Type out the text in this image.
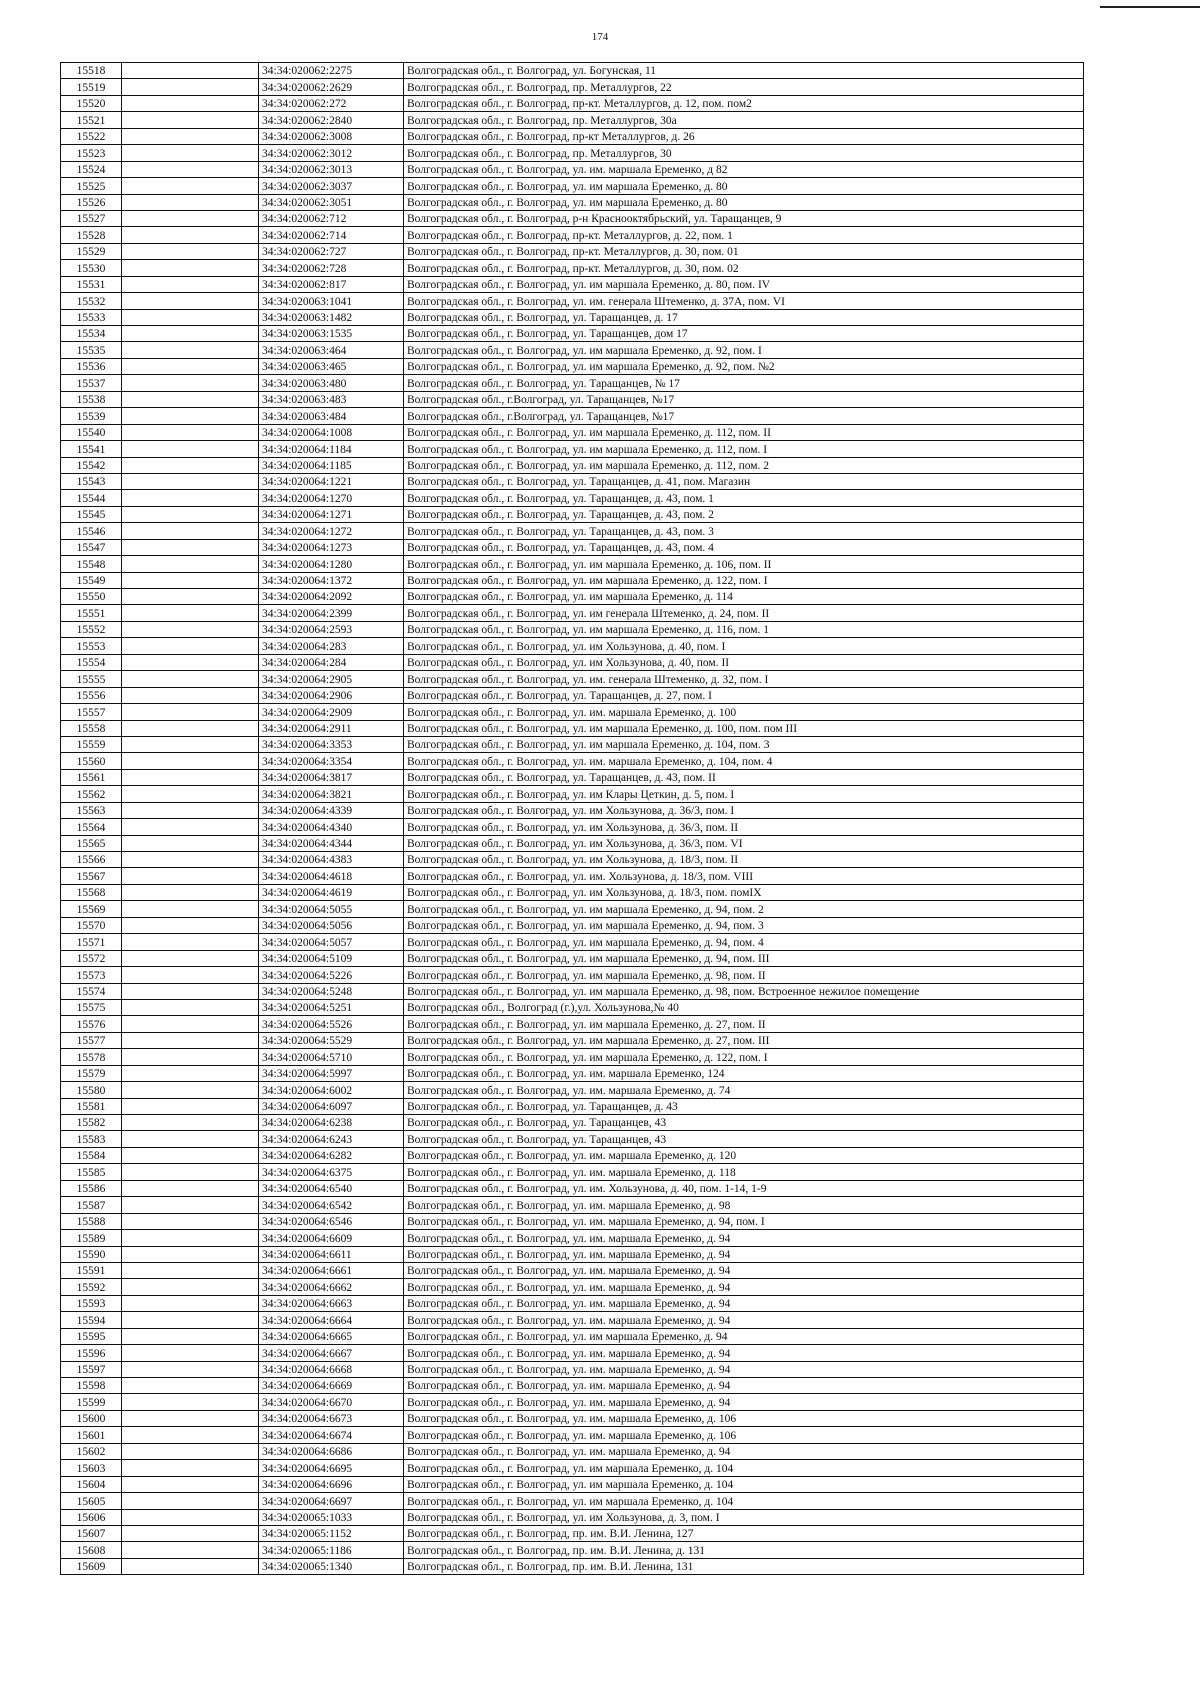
174
15518		34:34:020062:2275	Волгоградская обл., г. Волгоград, ул. Богунская, 11
15519		34:34:020062:2629	Волгоградская обл., г. Волгоград, пр. Металлургов, 22
15520		34:34:020062:272	Волгоградская обл., г. Волгоград, пр-кт. Металлургов, д. 12, пом. пом2
15521		34:34:020062:2840	Волгоградская обл., г. Волгоград, пр. Металлургов, 30а
15522		34:34:020062:3008	Волгоградская обл., г. Волгоград, пр-кт Металлургов, д. 26
15523		34:34:020062:3012	Волгоградская обл., г. Волгоград, пр. Металлургов, 30
15524		34:34:020062:3013	Волгоградская обл., г. Волгоград, ул. им. маршала Еременко, д 82
15525		34:34:020062:3037	Волгоградская обл., г. Волгоград, ул. им маршала Еременко, д. 80
15526		34:34:020062:3051	Волгоградская обл., г. Волгоград, ул. им маршала Еременко, д. 80
15527		34:34:020062:712	Волгоградская обл., г. Волгоград, р-н Краснооктябрьский, ул. Таращанцев, 9
15528		34:34:020062:714	Волгоградская обл., г. Волгоград, пр-кт. Металлургов, д. 22, пом. 1
15529		34:34:020062:727	Волгоградская обл., г. Волгоград, пр-кт. Металлургов, д. 30, пом. 01
15530		34:34:020062:728	Волгоградская обл., г. Волгоград, пр-кт. Металлургов, д. 30, пом. 02
15531		34:34:020062:817	Волгоградская обл., г. Волгоград, ул. им маршала Еременко, д. 80, пом. IV
15532		34:34:020063:1041	Волгоградская обл., г. Волгоград, ул. им. генерала Штеменко, д. 37А, пом. VI
15533		34:34:020063:1482	Волгоградская обл., г. Волгоград, ул. Таращанцев, д. 17
15534		34:34:020063:1535	Волгоградская обл., г. Волгоград, ул. Таращанцев, дом 17
15535		34:34:020063:464	Волгоградская обл., г. Волгоград, ул. им маршала Еременко, д. 92, пом. I
15536		34:34:020063:465	Волгоградская обл., г. Волгоград, ул. им маршала Еременко, д. 92, пом. №2
15537		34:34:020063:480	Волгоградская обл., г. Волгоград, ул. Таращанцев, № 17
15538		34:34:020063:483	Волгоградская обл., г.Волгоград, ул. Таращанцев, №17
15539		34:34:020063:484	Волгоградская обл., г.Волгоград, ул. Таращанцев, №17
15540		34:34:020064:1008	Волгоградская обл., г. Волгоград, ул. им маршала Еременко, д. 112, пом. II
15541		34:34:020064:1184	Волгоградская обл., г. Волгоград, ул. им маршала Еременко, д. 112, пом. I
15542		34:34:020064:1185	Волгоградская обл., г. Волгоград, ул. им маршала Еременко, д. 112, пом. 2
15543		34:34:020064:1221	Волгоградская обл., г. Волгоград, ул. Таращанцев, д. 41, пом. Магазин
15544		34:34:020064:1270	Волгоградская обл., г. Волгоград, ул. Таращанцев, д. 43, пом. 1
15545		34:34:020064:1271	Волгоградская обл., г. Волгоград, ул. Таращанцев, д. 43, пом. 2
15546		34:34:020064:1272	Волгоградская обл., г. Волгоград, ул. Таращанцев, д. 43, пом. 3
15547		34:34:020064:1273	Волгоградская обл., г. Волгоград, ул. Таращанцев, д. 43, пом. 4
15548		34:34:020064:1280	Волгоградская обл., г. Волгоград, ул. им маршала Еременко, д. 106, пом. II
15549		34:34:020064:1372	Волгоградская обл., г. Волгоград, ул. им маршала Еременко, д. 122, пом. I
15550		34:34:020064:2092	Волгоградская обл., г. Волгоград, ул. им маршала Еременко, д. 114
15551		34:34:020064:2399	Волгоградская обл., г. Волгоград, ул. им генерала Штеменко, д. 24, пом. II
15552		34:34:020064:2593	Волгоградская обл., г. Волгоград, ул. им маршала Еременко, д. 116, пом. 1
15553		34:34:020064:283	Волгоградская обл., г. Волгоград, ул. им Хользунова, д. 40, пом. I
15554		34:34:020064:284	Волгоградская обл., г. Волгоград, ул. им Хользунова, д. 40, пом. II
15555		34:34:020064:2905	Волгоградская обл., г. Волгоград, ул. им. генерала Штеменко, д. 32, пом. I
15556		34:34:020064:2906	Волгоградская обл., г. Волгоград, ул. Таращанцев, д. 27, пом. I
15557		34:34:020064:2909	Волгоградская обл., г. Волгоград, ул. им. маршала Еременко, д. 100
15558		34:34:020064:2911	Волгоградская обл., г. Волгоград, ул. им маршала Еременко, д. 100, пом. пом III
15559		34:34:020064:3353	Волгоградская обл., г. Волгоград, ул. им маршала Еременко, д. 104, пом. 3
15560		34:34:020064:3354	Волгоградская обл., г. Волгоград, ул. им. маршала Еременко, д. 104, пом. 4
15561		34:34:020064:3817	Волгоградская обл., г. Волгоград, ул. Таращанцев, д. 43, пом. II
15562		34:34:020064:3821	Волгоградская обл., г. Волгоград, ул. им Клары Цеткин, д. 5, пом. I
15563		34:34:020064:4339	Волгоградская обл., г. Волгоград, ул. им Хользунова, д. 36/3, пом. I
15564		34:34:020064:4340	Волгоградская обл., г. Волгоград, ул. им Хользунова, д. 36/3, пом. II
15565		34:34:020064:4344	Волгоградская обл., г. Волгоград, ул. им Хользунова, д. 36/3, пом. VI
15566		34:34:020064:4383	Волгоградская обл., г. Волгоград, ул. им Хользунова, д. 18/3, пом. II
15567		34:34:020064:4618	Волгоградская обл., г. Волгоград, ул. им. Хользунова, д. 18/3, пом. VIII
15568		34:34:020064:4619	Волгоградская обл., г. Волгоград, ул. им Хользунова, д. 18/3, пом. помIX
15569		34:34:020064:5055	Волгоградская обл., г. Волгоград, ул. им маршала Еременко, д. 94, пом. 2
15570		34:34:020064:5056	Волгоградская обл., г. Волгоград, ул. им маршала Еременко, д. 94, пом. 3
15571		34:34:020064:5057	Волгоградская обл., г. Волгоград, ул. им маршала Еременко, д. 94, пом. 4
15572		34:34:020064:5109	Волгоградская обл., г. Волгоград, ул. им маршала Еременко, д. 94, пом. III
15573		34:34:020064:5226	Волгоградская обл., г. Волгоград, ул. им маршала Еременко, д. 98, пом. II
15574		34:34:020064:5248	Волгоградская обл., г. Волгоград, ул. им маршала Еременко, д. 98, пом. Встроенное нежилое помещение
15575		34:34:020064:5251	Волгоградская обл., Волгоград (г.),ул. Хользунова,№ 40
15576		34:34:020064:5526	Волгоградская обл., г. Волгоград, ул. им маршала Еременко, д. 27, пом. II
15577		34:34:020064:5529	Волгоградская обл., г. Волгоград, ул. им маршала Еременко, д. 27, пом. III
15578		34:34:020064:5710	Волгоградская обл., г. Волгоград, ул. им маршала Еременко, д. 122, пом. I
15579		34:34:020064:5997	Волгоградская обл., г. Волгоград, ул. им. маршала Еременко, 124
15580		34:34:020064:6002	Волгоградская обл., г. Волгоград, ул. им. маршала Еременко, д. 74
15581		34:34:020064:6097	Волгоградская обл., г. Волгоград, ул. Таращанцев, д. 43
15582		34:34:020064:6238	Волгоградская обл., г. Волгоград, ул. Таращанцев, 43
15583		34:34:020064:6243	Волгоградская обл., г. Волгоград, ул. Таращанцев, 43
15584		34:34:020064:6282	Волгоградская обл., г. Волгоград, ул. им. маршала Еременко, д. 120
15585		34:34:020064:6375	Волгоградская обл., г. Волгоград, ул. им. маршала Еременко, д. 118
15586		34:34:020064:6540	Волгоградская обл., г. Волгоград, ул. им. Хользунова, д. 40, пом. 1-14, 1-9
15587		34:34:020064:6542	Волгоградская обл., г. Волгоград, ул. им. маршала Еременко, д. 98
15588		34:34:020064:6546	Волгоградская обл., г. Волгоград, ул. им. маршала Еременко, д. 94, пом. I
15589		34:34:020064:6609	Волгоградская обл., г. Волгоград, ул. им. маршала Еременко, д. 94
15590		34:34:020064:6611	Волгоградская обл., г. Волгоград, ул. им. маршала Еременко, д. 94
15591		34:34:020064:6661	Волгоградская обл., г. Волгоград, ул. им. маршала Еременко, д. 94
15592		34:34:020064:6662	Волгоградская обл., г. Волгоград, ул. им. маршала Еременко, д. 94
15593		34:34:020064:6663	Волгоградская обл., г. Волгоград, ул. им. маршала Еременко, д. 94
15594		34:34:020064:6664	Волгоградская обл., г. Волгоград, ул. им. маршала Еременко, д. 94
15595		34:34:020064:6665	Волгоградская обл., г. Волгоград, ул. им маршала Еременко, д. 94
15596		34:34:020064:6667	Волгоградская обл., г. Волгоград, ул. им. маршала Еременко, д. 94
15597		34:34:020064:6668	Волгоградская обл., г. Волгоград, ул. им. маршала Еременко, д. 94
15598		34:34:020064:6669	Волгоградская обл., г. Волгоград, ул. им. маршала Еременко, д. 94
15599		34:34:020064:6670	Волгоградская обл., г. Волгоград, ул. им. маршала Еременко, д. 94
15600		34:34:020064:6673	Волгоградская обл., г. Волгоград, ул. им. маршала Еременко, д. 106
15601		34:34:020064:6674	Волгоградская обл., г. Волгоград, ул. им. маршала Еременко, д. 106
15602		34:34:020064:6686	Волгоградская обл., г. Волгоград, ул. им. маршала Еременко, д. 94
15603		34:34:020064:6695	Волгоградская обл., г. Волгоград, ул. им маршала Еременко, д. 104
15604		34:34:020064:6696	Волгоградская обл., г. Волгоград, ул. им маршала Еременко, д. 104
15605		34:34:020064:6697	Волгоградская обл., г. Волгоград, ул. им маршала Еременко, д. 104
15606		34:34:020065:1033	Волгоградская обл., г. Волгоград, ул. им Хользунова, д. 3, пом. I
15607		34:34:020065:1152	Волгоградская обл., г. Волгоград, пр. им. В.И. Ленина, 127
15608		34:34:020065:1186	Волгоградская обл., г. Волгоград, пр. им. В.И. Ленина, д. 131
15609		34:34:020065:1340	Волгоградская обл., г. Волгоград, пр. им. В.И. Ленина, 131
